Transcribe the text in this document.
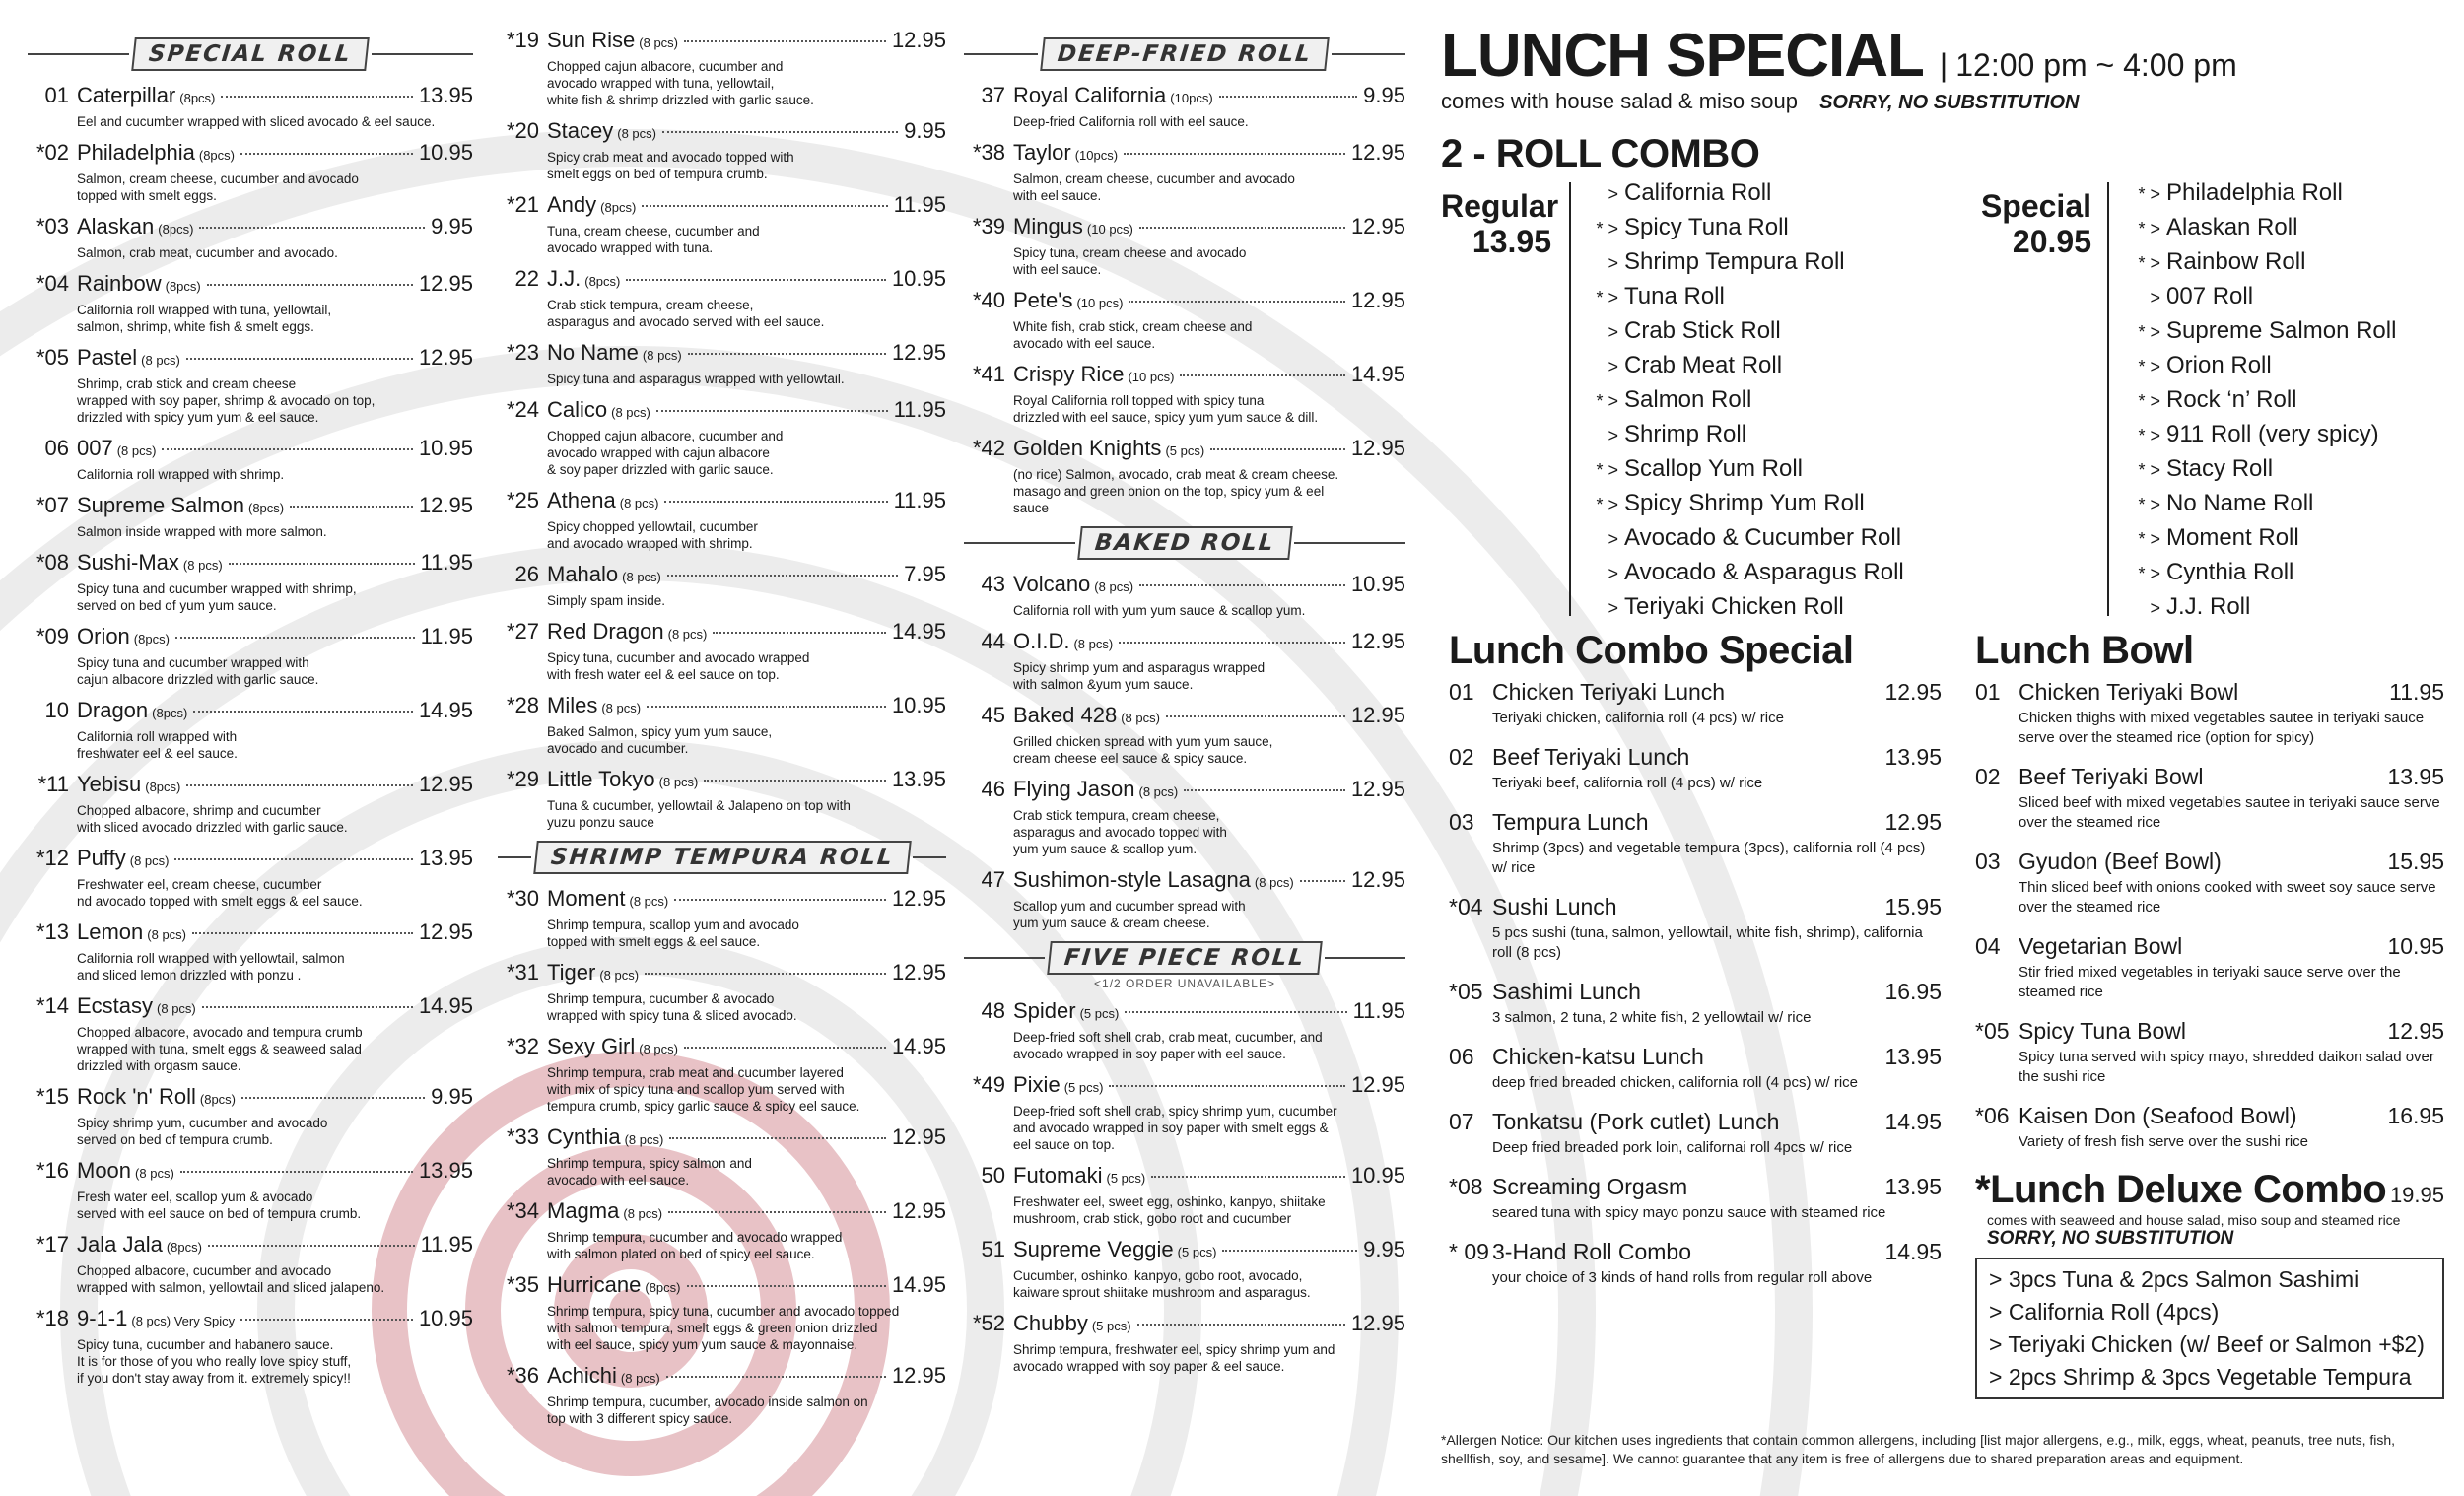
SPECIAL ROLL
01 Caterpillar (8pcs)	13.95
Eel and cucumber wrapped with sliced avocado & eel sauce.
*02 Philadelphia (8pcs)	10.95
Salmon, cream cheese, cucumber and avocado
topped with smelt eggs.
*03 Alaskan (8pcs)	9.95
Salmon, crab meat, cucumber and avocado.
*04 Rainbow (8pcs)	12.95
California roll wrapped with tuna, yellowtail,
salmon, shrimp, white fish & smelt eggs.
*05 Pastel (8 pcs)	12.95
Shrimp, crab stick and cream cheese
wrapped with soy paper, shrimp & avocado on top,
drizzled with spicy yum yum & eel sauce.
06 007 (8 pcs)	10.95
California roll wrapped with shrimp.
*07 Supreme Salmon (8pcs)	12.95
Salmon inside wrapped with more salmon.
*08 Sushi-Max (8 pcs)	11.95
Spicy tuna and cucumber wrapped with shrimp,
served on bed of yum yum sauce.
*09 Orion (8pcs)	11.95
Spicy tuna and cucumber wrapped with
cajun albacore drizzled with garlic sauce.
10 Dragon (8pcs)	14.95
California roll wrapped with
freshwater eel & eel sauce.
*11 Yebisu (8pcs)	12.95
Chopped albacore, shrimp and cucumber
with sliced avocado drizzled with garlic sauce.
*12 Puffy (8 pcs)	13.95
Freshwater eel, cream cheese, cucumber
nd avocado topped with smelt eggs & eel sauce.
*13 Lemon (8 pcs)	12.95
California roll wrapped with yellowtail, salmon
and sliced lemon drizzled with ponzu .
*14 Ecstasy (8 pcs)	14.95
Chopped albacore, avocado and tempura crumb
wrapped with tuna, smelt eggs & seaweed salad
drizzled with orgasm sauce.
*15 Rock 'n' Roll (8pcs)	9.95
Spicy shrimp yum, cucumber and avocado
served on bed of tempura crumb.
*16 Moon (8 pcs)	13.95
Fresh water eel, scallop yum & avocado
served with eel sauce on bed of tempura crumb.
*17 Jala Jala (8pcs)	11.95
Chopped albacore, cucumber and avocado
wrapped with salmon, yellowtail and sliced jalapeno.
*18 9-1-1 (8 pcs) Very Spicy	10.95
Spicy tuna, cucumber and habanero sauce.
It is for those of you who really love spicy stuff,
if you don't stay away from it. extremely spicy!!
*19 Sun Rise (8 pcs)	12.95
Chopped cajun albacore, cucumber and
avocado wrapped with tuna, yellowtail,
white fish & shrimp drizzled with garlic sauce.
*20 Stacey (8 pcs)	9.95
Spicy crab meat and avocado topped with
smelt eggs on bed of tempura crumb.
*21 Andy (8pcs)	11.95
Tuna, cream cheese, cucumber and
avocado wrapped with tuna.
22 J.J. (8pcs)	10.95
Crab stick tempura, cream cheese,
asparagus and avocado served with eel sauce.
*23 No Name (8 pcs)	12.95
Spicy tuna and asparagus wrapped with yellowtail.
*24 Calico (8 pcs)	11.95
Chopped cajun albacore, cucumber and
avocado wrapped with cajun albacore
& soy paper drizzled with garlic sauce.
*25 Athena (8 pcs)	11.95
Spicy chopped yellowtail, cucumber
and avocado wrapped with shrimp.
26 Mahalo (8 pcs)	7.95
Simply spam inside.
*27 Red Dragon (8 pcs)	14.95
Spicy tuna, cucumber and avocado wrapped
with fresh water eel & eel sauce on top.
*28 Miles (8 pcs)	10.95
Baked Salmon, spicy yum yum sauce,
avocado and cucumber.
*29 Little Tokyo (8 pcs)	13.95
Tuna & cucumber, yellowtail & Jalapeno on top with
yuzu ponzu sauce
SHRIMP TEMPURA ROLL
*30 Moment (8 pcs)	12.95
Shrimp tempura, scallop yum and avocado
topped with smelt eggs & eel sauce.
*31 Tiger (8 pcs)	12.95
Shrimp tempura, cucumber & avocado
wrapped with spicy tuna & sliced avocado.
*32 Sexy Girl (8 pcs)	14.95
Shrimp tempura, crab meat and cucumber layered
with mix of spicy tuna and scallop yum served with
tempura crumb, spicy garlic sauce & spicy eel sauce.
*33 Cynthia (8 pcs)	12.95
Shrimp tempura, spicy salmon and
avocado with eel sauce.
*34 Magma (8 pcs)	12.95
Shrimp tempura, cucumber and avocado wrapped
with salmon plated on bed of spicy eel sauce.
*35 Hurricane (8pcs)	14.95
Shrimp tempura, spicy tuna, cucumber and avocado topped
with salmon tempura, smelt eggs & green onion drizzled
with eel sauce, spicy yum yum sauce & mayonnaise.
*36 Achichi (8 pcs)	12.95
Shrimp tempura, cucumber, avocado inside salmon on
top with 3 different spicy sauce.
DEEP-FRIED ROLL
37 Royal California (10pcs)	9.95
Deep-fried California roll with eel sauce.
*38 Taylor (10pcs)	12.95
Salmon, cream cheese, cucumber and avocado
with eel sauce.
*39 Mingus (10 pcs)	12.95
Spicy tuna, cream cheese and avocado
with eel sauce.
*40 Pete's (10 pcs)	12.95
White fish, crab stick, cream cheese and
avocado with eel sauce.
*41 Crispy Rice (10 pcs)	14.95
Royal California roll topped with spicy tuna
drizzled with eel sauce, spicy yum yum sauce & dill.
*42 Golden Knights (5 pcs)	12.95
(no rice) Salmon, avocado, crab meat & cream cheese.
masago and green onion on the top, spicy yum & eel
sauce
BAKED ROLL
43 Volcano (8 pcs)	10.95
California roll with yum yum sauce & scallop yum.
44 O.I.D. (8 pcs)	12.95
Spicy shrimp yum and asparagus wrapped
with salmon &yum yum sauce.
45 Baked 428 (8 pcs)	12.95
Grilled chicken spread with yum yum sauce,
cream cheese eel sauce & spicy sauce.
46 Flying Jason (8 pcs)	12.95
Crab stick tempura, cream cheese,
asparagus and avocado topped with
yum yum sauce & scallop yum.
47 Sushimon-style Lasagna (8 pcs)	12.95
Scallop yum and cucumber spread with
yum yum sauce & cream cheese.
FIVE PIECE ROLL
<1/2 ORDER UNAVAILABLE>
48 Spider (5 pcs)	11.95
Deep-fried soft shell crab, crab meat, cucumber, and
avocado wrapped in soy paper with eel sauce.
*49 Pixie (5 pcs)	12.95
Deep-fried soft shell crab, spicy shrimp yum, cucumber
and avocado wrapped in soy paper with smelt eggs &
eel sauce on top.
50 Futomaki (5 pcs)	10.95
Freshwater eel, sweet egg, oshinko, kanpyo, shiitake
mushroom, crab stick, gobo root and cucumber
51 Supreme Veggie (5 pcs)	9.95
Cucumber, oshinko, kanpyo, gobo root, avocado,
kaiware sprout shiitake mushroom and asparagus.
*52 Chubby (5 pcs)	12.95
Shrimp tempura, freshwater eel, spicy shrimp yum and
avocado wrapped with soy paper & eel sauce.
LUNCH SPECIAL | 12:00 pm ~ 4:00 pm
comes with house salad & miso soup SORRY, NO SUBSTITUTION
2 - ROLL COMBO
Regular
13.95
> California Roll
* > Spicy Tuna Roll
> Shrimp Tempura Roll
* > Tuna Roll
> Crab Stick Roll
> Crab Meat Roll
* > Salmon Roll
> Shrimp Roll
* > Scallop Yum Roll
* > Spicy Shrimp Yum Roll
> Avocado & Cucumber Roll
> Avocado & Asparagus Roll
> Teriyaki Chicken Roll
Special
20.95
* > Philadelphia Roll
* > Alaskan Roll
* > Rainbow Roll
> 007 Roll
* > Supreme Salmon Roll
* > Orion Roll
* > Rock ‘n’ Roll
* > 911 Roll (very spicy)
* > Stacy Roll
* > No Name Roll
* > Moment Roll
* > Cynthia Roll
> J.J. Roll
Lunch Combo Special
01 Chicken Teriyaki Lunch	12.95
Teriyaki chicken, california roll (4 pcs) w/ rice
02 Beef Teriyaki Lunch	13.95
Teriyaki beef, california roll (4 pcs) w/ rice
03 Tempura Lunch	12.95
Shrimp (3pcs) and vegetable tempura (3pcs), california roll (4 pcs) w/ rice
*04 Sushi Lunch	15.95
5 pcs sushi (tuna, salmon, yellowtail, white fish, shrimp), california roll (8 pcs)
*05 Sashimi Lunch	16.95
3 salmon, 2 tuna, 2 white fish, 2 yellowtail w/ rice
06 Chicken-katsu Lunch	13.95
deep fried breaded chicken, california roll (4 pcs) w/ rice
07 Tonkatsu (Pork cutlet) Lunch	14.95
Deep fried breaded pork loin, californai roll 4pcs w/ rice
*08 Screaming Orgasm	13.95
seared tuna with spicy mayo ponzu sauce with steamed rice
* 09 3-Hand Roll Combo	14.95
your choice of 3 kinds of hand rolls from regular roll above
Lunch Bowl
01 Chicken Teriyaki Bowl	11.95
Chicken thighs with mixed vegetables sautee in teriyaki sauce serve over the steamed rice (option for spicy)
02 Beef Teriyaki Bowl	13.95
Sliced beef with mixed vegetables sautee in teriyaki sauce serve over the steamed rice
03 Gyudon (Beef Bowl)	15.95
Thin sliced beef with onions cooked with sweet soy sauce serve over the steamed rice
04 Vegetarian Bowl	10.95
Stir fried mixed vegetables in teriyaki sauce serve over the steamed rice
*05 Spicy Tuna Bowl	12.95
Spicy tuna served with spicy mayo, shredded daikon salad over the sushi rice
*06 Kaisen Don (Seafood Bowl)	16.95
Variety of fresh fish serve over the sushi rice
*Lunch Deluxe Combo 19.95
comes with seaweed and house salad, miso soup and steamed rice
SORRY, NO SUBSTITUTION
> 3pcs Tuna & 2pcs Salmon Sashimi
> California Roll (4pcs)
> Teriyaki Chicken (w/ Beef or Salmon +$2)
> 2pcs Shrimp & 3pcs Vegetable Tempura
*Allergen Notice: Our kitchen uses ingredients that contain common allergens, including [list major allergens, e.g., milk, eggs, wheat, peanuts, tree nuts, fish, shellfish, soy, and sesame]. We cannot guarantee that any item is free of allergens due to shared preparation areas and equipment.
